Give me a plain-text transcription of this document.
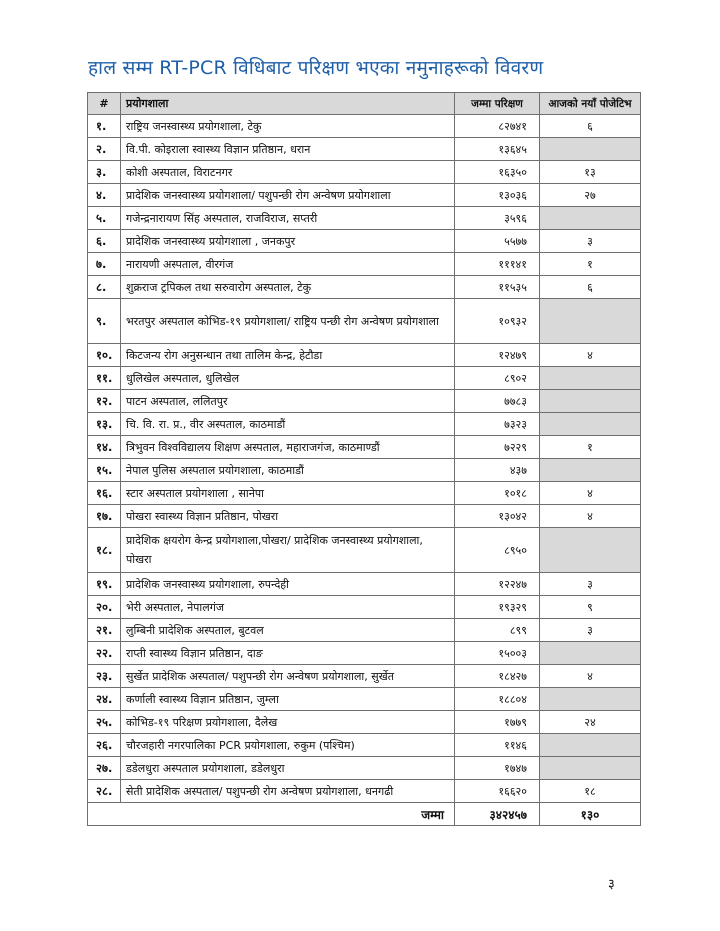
हाल सम्म RT-PCR विधिबाट परिक्षण भएका नमुनाहरूको विवरण
#	प्रयोगशाला	जम्मा परिक्षण	आजको नयाँ पोजेटिभ
१.	राष्ट्रिय जनस्वास्थ्य प्रयोगशाला, टेकु	८२७४१	६
२.	वि.पी. कोइराला स्वास्थ्य विज्ञान प्रतिष्ठान, धरान	१३६४५	
३.	कोशी अस्पताल, विराटनगर	१६३५०	१३
४.	प्रादेशिक जनस्वास्थ्य प्रयोगशाला/ पशुपन्छी रोग अन्वेषण प्रयोगशाला	१३०३६	२७
५.	गजेन्द्रनारायण सिंह अस्पताल, राजविराज, सप्तरी	३५९६	
६.	प्रादेशिक जनस्वास्थ्य प्रयोगशाला , जनकपुर	५५७७	३
७.	नारायणी अस्पताल, वीरगंज	१११४१	१
८.	शुक्रराज ट्रपिकल तथा सरुवारोग अस्पताल, टेकु	११५३५	६
९.	भरतपुर अस्पताल कोभिड-१९ प्रयोगशाला/ राष्ट्रिय पन्छी रोग अन्वेषण प्रयोगशाला	१०९३२	
१०.	किटजन्य रोग अनुसन्धान तथा तालिम केन्द्र, हेटौडा	१२४७९	४
११.	धुलिखेल अस्पताल, धुलिखेल	८९०२	
१२.	पाटन अस्पताल, ललितपुर	७७८३	
१३.	चि. वि. रा. प्र., वीर अस्पताल, काठमाडौं	७३२३	
१४.	त्रिभुवन विश्वविद्यालय शिक्षण अस्पताल, महाराजगंज, काठमाण्डौं	७२२९	१
१५.	नेपाल पुलिस अस्पताल प्रयोगशाला, काठमाडौं	४३७	
१६.	स्टार अस्पताल प्रयोगशाला , सानेपा	१०१८	४
१७.	पोखरा स्वास्थ्य विज्ञान प्रतिष्ठान, पोखरा	१३०४२	४
१८.	प्रादेशिक क्षयरोग केन्द्र प्रयोगशाला,पोखरा/ प्रादेशिक जनस्वास्थ्य प्रयोगशाला, पोखरा	८९५०	
१९.	प्रादेशिक जनस्वास्थ्य प्रयोगशाला, रुपन्देही	१२२४७	३
२०.	भेरी अस्पताल, नेपालगंज	१९३२९	९
२१.	लुम्बिनी प्रादेशिक अस्पताल, बुटवल	८९९	३
२२.	राप्ती स्वास्थ्य विज्ञान प्रतिष्ठान, दाङ	१५००३	
२३.	सुर्खेत प्रादेशिक अस्पताल/ पशुपन्छी रोग अन्वेषण प्रयोगशाला, सुर्खेत	१८४२७	४
२४.	कर्णाली स्वास्थ्य विज्ञान प्रतिष्ठान, जुम्ला	१८८०४	
२५.	कोभिड-१९ परिक्षण प्रयोगशाला, दैलेख	१७७९	२४
२६.	चौरजहारी नगरपालिका PCR प्रयोगशाला, रुकुम (पश्चिम)	११४६	
२७.	डडेलधुरा अस्पताल प्रयोगशाला, डडेलधुरा	१७४७	
२८.	सेती प्रादेशिक अस्पताल/ पशुपन्छी रोग अन्वेषण प्रयोगशाला, धनगढी	१६६२०	१८
जम्मा		३४२४५७	१३०
३
